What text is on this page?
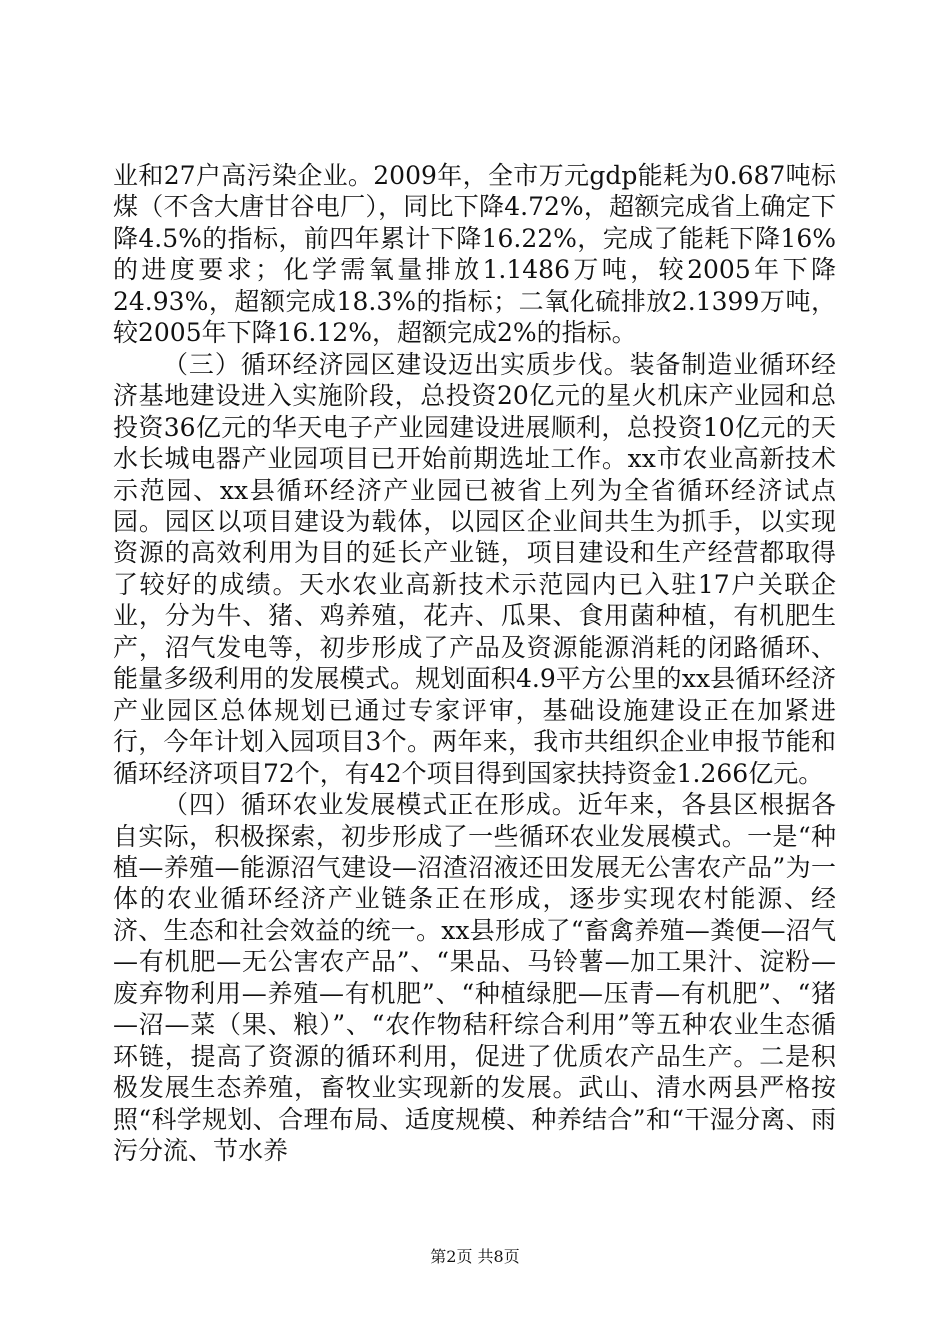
业和27户高污染企业。2009年，全市万元gdp能耗为0.687吨标煤（不含大唐甘谷电厂），同比下降4.72%，超额完成省上确定下降4.5%的指标，前四年累计下降16.22%，完成了能耗下降16%的进度要求；化学需氧量排放1.1486万吨，较2005年下降24.93%，超额完成18.3%的指标；二氧化硫排放2.1399万吨，较2005年下降16.12%，超额完成2%的指标。

（三）循环经济园区建设迈出实质步伐。装备制造业循环经济基地建设进入实施阶段，总投资20亿元的星火机床产业园和总投资36亿元的华天电子产业园建设进展顺利，总投资10亿元的天水长城电器产业园项目已开始前期选址工作。xx市农业高新技术示范园、xx县循环经济产业园已被省上列为全省循环经济试点园。园区以项目建设为载体，以园区企业间共生为抓手，以实现资源的高效利用为目的延长产业链，项目建设和生产经营都取得了较好的成绩。天水农业高新技术示范园内已入驻17户关联企业，分为牛、猪、鸡养殖，花卉、瓜果、食用菌种植，有机肥生产，沼气发电等，初步形成了产品及资源能源消耗的闭路循环、能量多级利用的发展模式。规划面积4.9平方公里的xx县循环经济产业园区总体规划已通过专家评审，基础设施建设正在加紧进行，今年计划入园项目3个。两年来，我市共组织企业申报节能和循环经济项目72个，有42个项目得到国家扶持资金1.266亿元。

（四）循环农业发展模式正在形成。近年来，各县区根据各自实际，积极探索，初步形成了一些循环农业发展模式。一是“种植—养殖—能源沼气建设—沼渣沼液还田发展无公害农产品”为一体的农业循环经济产业链条正在形成，逐步实现农村能源、经济、生态和社会效益的统一。xx县形成了“畜禽养殖—粪便—沼气—有机肥—无公害农产品”、“果品、马铃薯—加工果汁、淀粉—废弃物利用—养殖—有机肥”、“种植绿肥—压青—有机肥”、“猪—沼—菜（果、粮）”、“农作物秸秆综合利用”等五种农业生态循环链，提高了资源的循环利用，促进了优质农产品生产。二是积极发展生态养殖，畜牧业实现新的发展。武山、清水两县严格按照“科学规划、合理布局、适度规模、种养结合”和“干湿分离、雨污分流、节水养

第2页 共8页
